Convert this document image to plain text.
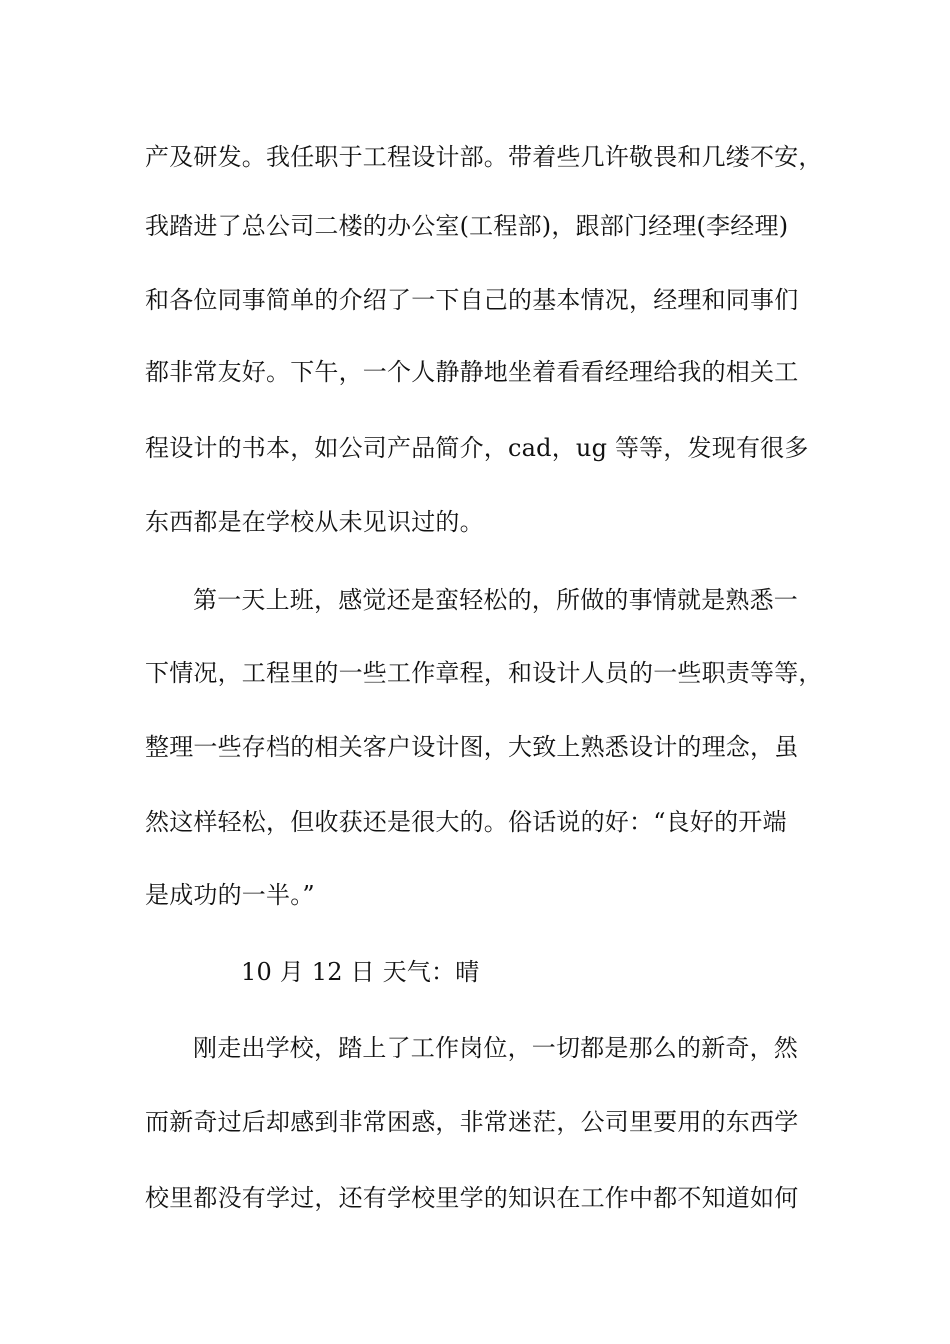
产及研发。我任职于工程设计部。带着些几许敬畏和几缕不安，
我踏进了总公司二楼的办公室(工程部)，跟部门经理(李经理)
和各位同事简单的介绍了一下自己的基本情况，经理和同事们
都非常友好。下午，一个人静静地坐着看看经理给我的相关工
程设计的书本，如公司产品简介，cad，ug 等等，发现有很多
东西都是在学校从未见识过的。
第一天上班，感觉还是蛮轻松的，所做的事情就是熟悉一
下情况，工程里的一些工作章程，和设计人员的一些职责等等，
整理一些存档的相关客户设计图，大致上熟悉设计的理念，虽
然这样轻松，但收获还是很大的。俗话说的好：“良好的开端
是成功的一半。”
10 月 12 日 天气：晴
刚走出学校，踏上了工作岗位，一切都是那么的新奇，然
而新奇过后却感到非常困惑，非常迷茫，公司里要用的东西学
校里都没有学过，还有学校里学的知识在工作中都不知道如何
